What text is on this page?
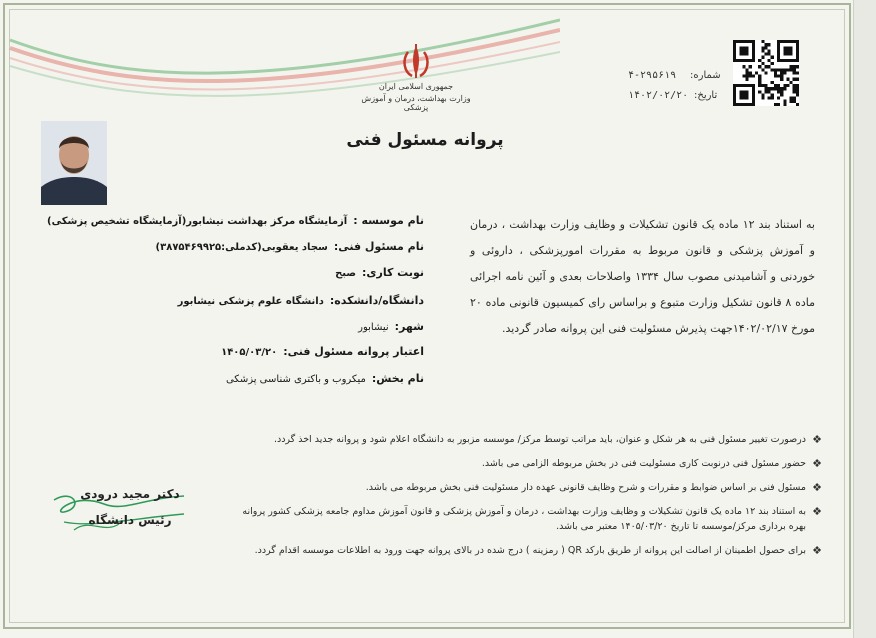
جمهوری اسلامی ایران
وزارت بهداشت، درمان و آموزش پزشکی
شماره:
۴-۲۹۵۶۱۹
تاریخ:
۱۴۰۲/۰۲/۲۰
پروانه مسئول فنی
نام موسسه :آزمایشگاه مرکز بهداشت نیشابور(آزمایشگاه تشخیص پزشکی)
نام مسئول فنی:سجاد یعقوبی(کدملی:۳۸۷۵۴۶۹۹۲۵)
نوبت کاری:صبح
دانشگاه/دانشکده:دانشگاه علوم پزشکی نیشابور
شهر:نیشابور
اعتبار پروانه مسئول فنی:۱۴۰۵/۰۳/۲۰
نام بخش:میکروب و باکتری شناسی پزشکی
به استناد بند ۱۲ ماده یک قانون تشکیلات و وظایف وزارت بهداشت ، درمان و آموزش پزشکی و قانون مربوط به مقررات امورپزشکی ، داروئی و خوردنی و آشامیدنی مصوب سال ۱۳۳۴ واصلاحات بعدی و آئین نامه اجرائی ماده ۸ قانون تشکیل وزارت متبوع و براساس رای کمیسیون قانونی ماده ۲۰ مورخ ۱۴۰۲/۰۲/۱۷جهت پذیرش مسئولیت فنی این پروانه صادر گردید.
❖
درصورت تغییر مسئول فنی به هر شکل و عنوان، باید مراتب توسط مرکز/ موسسه مزبور به دانشگاه اعلام شود و پروانه جدید اخذ گردد.
❖
حضور مسئول فنی درنوبت کاری مسئولیت فنی در بخش مربوطه الزامی می باشد.
❖
مسئول فنی بر اساس ضوابط و مقررات و شرح وظایف قانونی عهده دار مسئولیت فنی بخش مربوطه می باشد.
❖
به استناد بند ۱۲ ماده یک قانون تشکیلات و وظایف وزارت بهداشت ، درمان و آموزش پزشکی و قانون آموزش مداوم جامعه پزشکی کشور پروانه بهره برداری مرکز/موسسه تا تاریخ ۱۴۰۵/۰۳/۲۰ معتبر می باشد.
❖
برای حصول اطمینان از اصالت این پروانه از طریق بارکد QR ( رمزینه ) درج شده در بالای پروانه جهت ورود به اطلاعات موسسه اقدام گردد.
دکتر مجید درودی
رئیس دانشگاه
